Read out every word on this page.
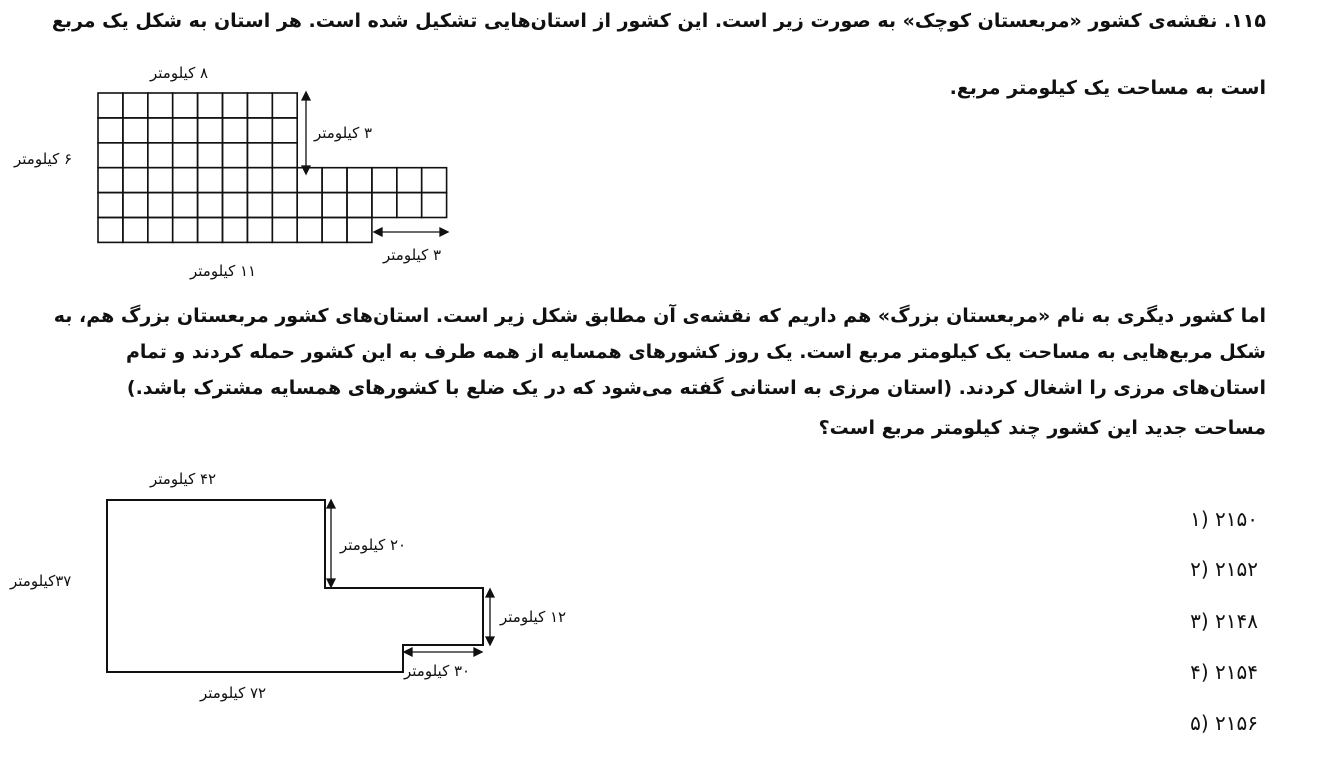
۱۱۵. نقشه‌ی کشور «مربعستان کوچک» به صورت زیر است. این کشور از استان‌هایی تشکیل شده است. هر استان به شکل یک مربع
است به مساحت یک کیلومتر مربع.
اما کشور دیگری به نام «مربعستان بزرگ» هم داریم که نقشه‌ی آن مطابق شکل زیر است. استان‌های کشور مربعستان بزرگ هم، به
شکل مربع‌هایی به مساحت یک کیلومتر مربع است. یک روز کشورهای همسایه از همه طرف به این کشور حمله کردند و تمام
استان‌های مرزی را اشغال کردند. (استان مرزی به استانی گفته می‌شود که در یک ضلع با کشورهای همسایه مشترک باشد.)
مساحت جدید این کشور چند کیلومتر مربع است؟
۸ کیلومتر
۳ کیلومتر
۶ کیلومتر
۳ کیلومتر
۱۱ کیلومتر
۴۲ کیلومتر
۲۰ کیلومتر
۳۷کیلومتر
۱۲ کیلومتر
۳۰ کیلومتر
۷۲ کیلومتر
۲۱۵۰ (۱
۲۱۵۲ (۲
۲۱۴۸ (۳
۲۱۵۴ (۴
۲۱۵۶ (۵
